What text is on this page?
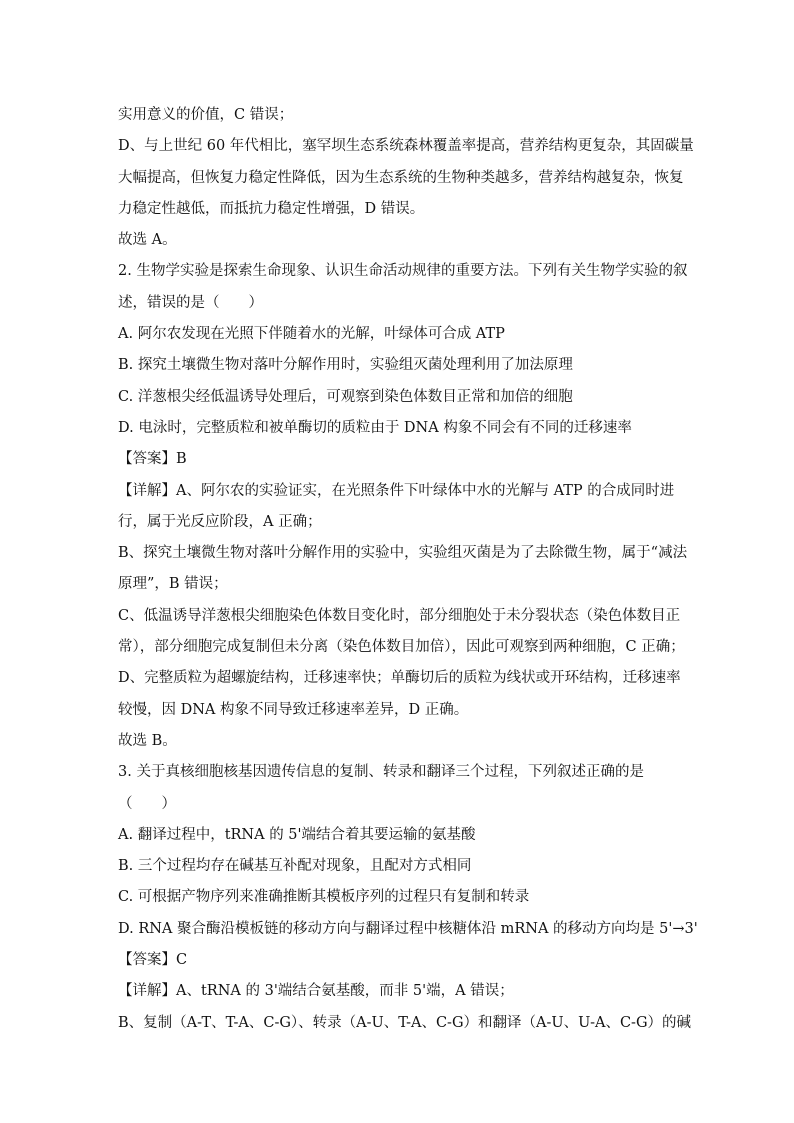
实用意义的价值，C 错误；
D、与上世纪 60 年代相比，塞罕坝生态系统森林覆盖率提高，营养结构更复杂，其固碳量
大幅提高，但恢复力稳定性降低，因为生态系统的生物种类越多，营养结构越复杂，恢复
力稳定性越低，而抵抗力稳定性增强，D 错误。
故选 A。
2. 生物学实验是探索生命现象、认识生命活动规律的重要方法。下列有关生物学实验的叙
述，错误的是（　　）
A. 阿尔农发现在光照下伴随着水的光解，叶绿体可合成 ATP
B. 探究土壤微生物对落叶分解作用时，实验组灭菌处理利用了加法原理
C. 洋葱根尖经低温诱导处理后，可观察到染色体数目正常和加倍的细胞
D. 电泳时，完整质粒和被单酶切的质粒由于 DNA 构象不同会有不同的迁移速率
【答案】B
【详解】A、阿尔农的实验证实，在光照条件下叶绿体中水的光解与 ATP 的合成同时进
行，属于光反应阶段，A 正确；
B、探究土壤微生物对落叶分解作用的实验中，实验组灭菌是为了去除微生物，属于“减法
原理”，B 错误；
C、低温诱导洋葱根尖细胞染色体数目变化时，部分细胞处于未分裂状态（染色体数目正
常），部分细胞完成复制但未分离（染色体数目加倍），因此可观察到两种细胞，C 正确；
D、完整质粒为超螺旋结构，迁移速率快；单酶切后的质粒为线状或开环结构，迁移速率
较慢，因 DNA 构象不同导致迁移速率差异，D 正确。
故选 B。
3. 关于真核细胞核基因遗传信息的复制、转录和翻译三个过程，下列叙述正确的是
（　　）
A. 翻译过程中，tRNA 的 5'端结合着其要运输的氨基酸
B. 三个过程均存在碱基互补配对现象，且配对方式相同
C. 可根据产物序列来准确推断其模板序列的过程只有复制和转录
D. RNA 聚合酶沿模板链的移动方向与翻译过程中核糖体沿 mRNA 的移动方向均是 5'→3'
【答案】C
【详解】A、tRNA 的 3'端结合氨基酸，而非 5'端，A 错误；
B、复制（A-T、T-A、C-G）、转录（A-U、T-A、C-G）和翻译（A-U、U-A、C-G）的碱
